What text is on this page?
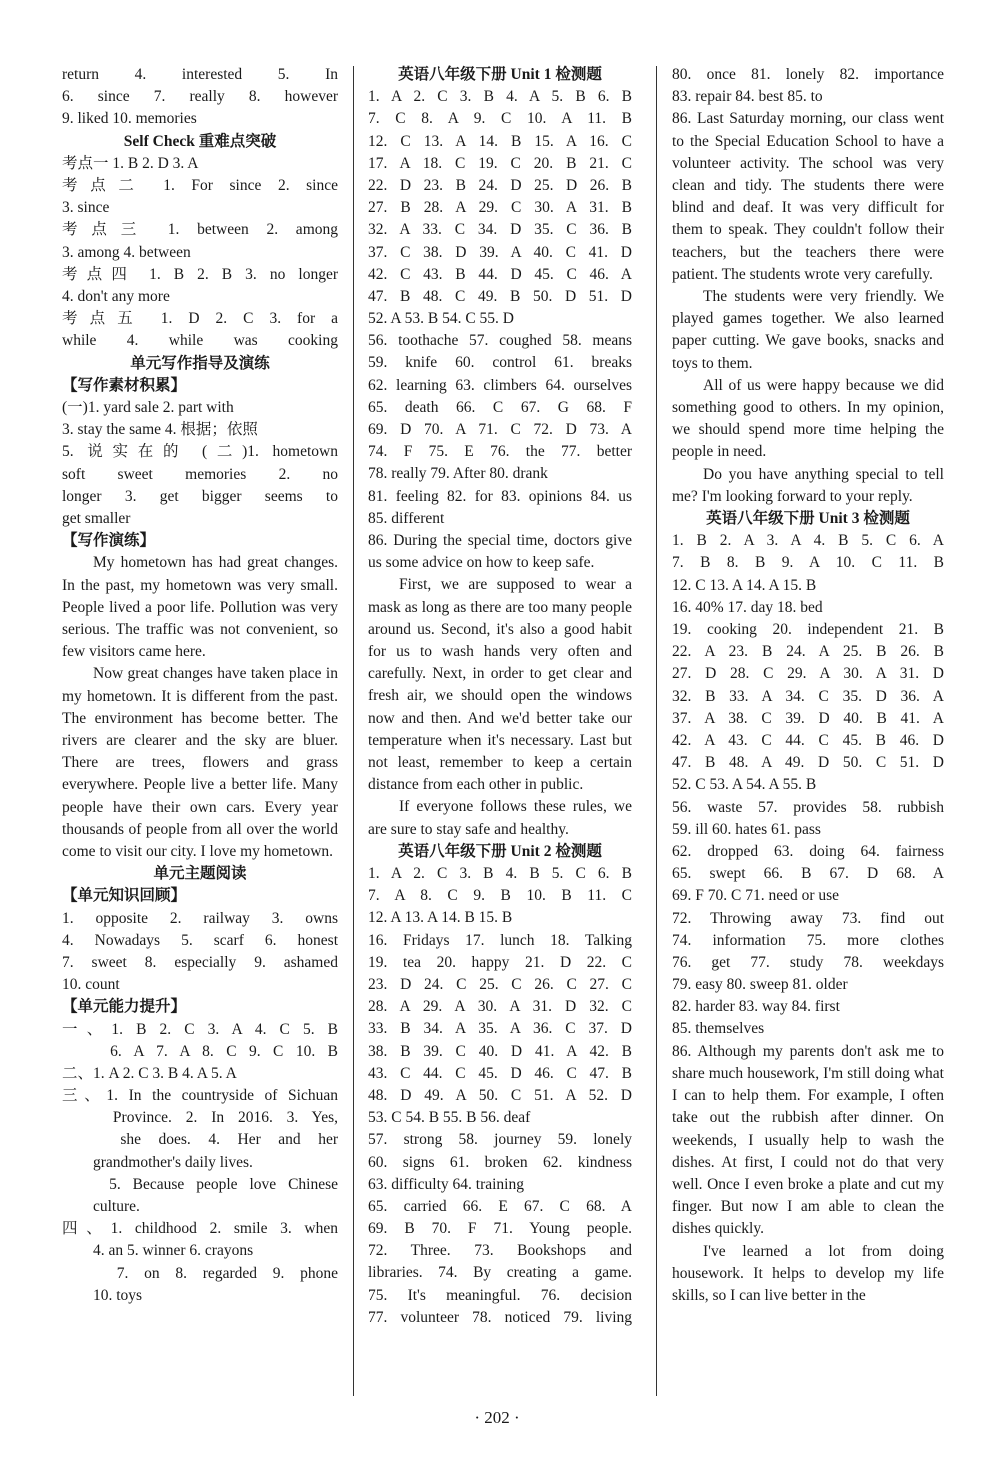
return 4. interested 5. In
6. since 7. really 8. however
9. liked 10. memories
Self Check 重难点突破
考点一 1. B 2. D 3. A
考点二 1. For since 2. since
3. since
考点三 1. between 2. among
3. among 4. between
考点四 1. B 2. B 3. no longer
4. don't any more
考点五 1. D 2. C 3. for a
while 4. while was cooking
单元写作指导及演练
【写作素材积累】
(一)1. yard sale 2. part with
3. stay the same 4. 根据；依照
5. 说实在的 (二)1. hometown
soft sweet memories 2. no
longer 3. get bigger seems to
get smaller
【写作演练】
My hometown has had great changes. In the past, my hometown was very small. People lived a poor life. Pollution was very serious. The traffic was not convenient, so few visitors came here.
Now great changes have taken place in my hometown. It is different from the past. The environment has become better. The rivers are clearer and the sky are bluer. There are trees, flowers and grass everywhere. People live a better life. Many people have their own cars. Every year thousands of people from all over the world come to visit our city. I love my hometown.
单元主题阅读
【单元知识回顾】
1. opposite 2. railway 3. owns
4. Nowadays 5. scarf 6. honest
7. sweet 8. especially 9. ashamed
10. count
【单元能力提升】
一、1. B 2. C 3. A 4. C 5. B
　　6. A 7. A 8. C 9. C 10. B
二、1. A 2. C 3. B 4. A 5. A
三、1. In the countryside of Sichuan
　　Province. 2. In 2016. 3. Yes,
　　she does. 4. Her and her
　　grandmother's daily lives.
　　5. Because people love Chinese
　　culture.
四、1. childhood 2. smile 3. when
　　4. an 5. winner 6. crayons
　　7. on 8. regarded 9. phone
　　10. toys
英语八年级下册 Unit 1 检测题
1. A 2. C 3. B 4. A 5. B 6. B
7. C 8. A 9. C 10. A 11. B
12. C 13. A 14. B 15. A 16. C
17. A 18. C 19. C 20. B 21. C
22. D 23. B 24. D 25. D 26. B
27. B 28. A 29. C 30. A 31. B
32. A 33. C 34. D 35. C 36. B
37. C 38. D 39. A 40. C 41. D
42. C 43. B 44. D 45. C 46. A
47. B 48. C 49. B 50. D 51. D
52. A 53. B 54. C 55. D
56. toothache 57. coughed 58. means
59. knife 60. control 61. breaks
62. learning 63. climbers 64. ourselves
65. death 66. C 67. G 68. F
69. D 70. A 71. C 72. D 73. A
74. F 75. E 76. the 77. better
78. really 79. After 80. drank
81. feeling 82. for 83. opinions 84. us
85. different
86. During the special time, doctors give us some advice on how to keep safe.
First, we are supposed to wear a mask as long as there are too many people around us. Second, it's also a good habit for us to wash hands very often and carefully. Next, in order to get clear and fresh air, we should open the windows now and then. And we'd better take our temperature when it's necessary. Last but not least, remember to keep a certain distance from each other in public.
If everyone follows these rules, we are sure to stay safe and healthy.
英语八年级下册 Unit 2 检测题
1. A 2. C 3. B 4. B 5. C 6. B
7. A 8. C 9. B 10. B 11. C
12. A 13. A 14. B 15. B
16. Fridays 17. lunch 18. Talking
19. tea 20. happy 21. D 22. C
23. D 24. C 25. C 26. C 27. C
28. A 29. A 30. A 31. D 32. C
33. B 34. A 35. A 36. C 37. D
38. B 39. C 40. D 41. A 42. B
43. C 44. C 45. D 46. C 47. B
48. D 49. A 50. C 51. A 52. D
53. C 54. B 55. B 56. deaf
57. strong 58. journey 59. lonely
60. signs 61. broken 62. kindness
63. difficulty 64. training
65. carried 66. E 67. C 68. A
69. B 70. F 71. Young people.
72. Three. 73. Bookshops and
libraries. 74. By creating a game.
75. It's meaningful. 76. decision
77. volunteer 78. noticed 79. living
80. once 81. lonely 82. importance
83. repair 84. best 85. to
86. Last Saturday morning, our class went to the Special Education School to have a volunteer activity. The school was very clean and tidy. The students there were blind and deaf. It was very difficult for them to speak. They couldn't follow their teachers, but the teachers there were patient. The students wrote very carefully.
The students were very friendly. We played games together. We also learned paper cutting. We gave books, snacks and toys to them.
All of us were happy because we did something good to others. In my opinion, we should spend more time helping the people in need.
Do you have anything special to tell me? I'm looking forward to your reply.
英语八年级下册 Unit 3 检测题
1. B 2. A 3. A 4. B 5. C 6. A
7. B 8. B 9. A 10. C 11. B
12. C 13. A 14. A 15. B
16. 40% 17. day 18. bed
19. cooking 20. independent 21. B
22. A 23. B 24. A 25. B 26. B
27. D 28. C 29. A 30. A 31. D
32. B 33. A 34. C 35. D 36. A
37. A 38. C 39. D 40. B 41. A
42. A 43. C 44. C 45. B 46. D
47. B 48. A 49. D 50. C 51. D
52. C 53. A 54. A 55. B
56. waste 57. provides 58. rubbish
59. ill 60. hates 61. pass
62. dropped 63. doing 64. fairness
65. swept 66. B 67. D 68. A
69. F 70. C 71. need or use
72. Throwing away 73. find out
74. information 75. more clothes
76. get 77. study 78. weekdays
79. easy 80. sweep 81. older
82. harder 83. way 84. first
85. themselves
86. Although my parents don't ask me to share much housework, I'm still doing what I can to help them. For example, I often take out the rubbish after dinner. On weekends, I usually help to wash the dishes. At first, I could not do that very well. Once I even broke a plate and cut my finger. But now I am able to clean the dishes quickly.
I've learned a lot from doing housework. It helps to develop my life skills, so I can live better in the
· 202 ·
